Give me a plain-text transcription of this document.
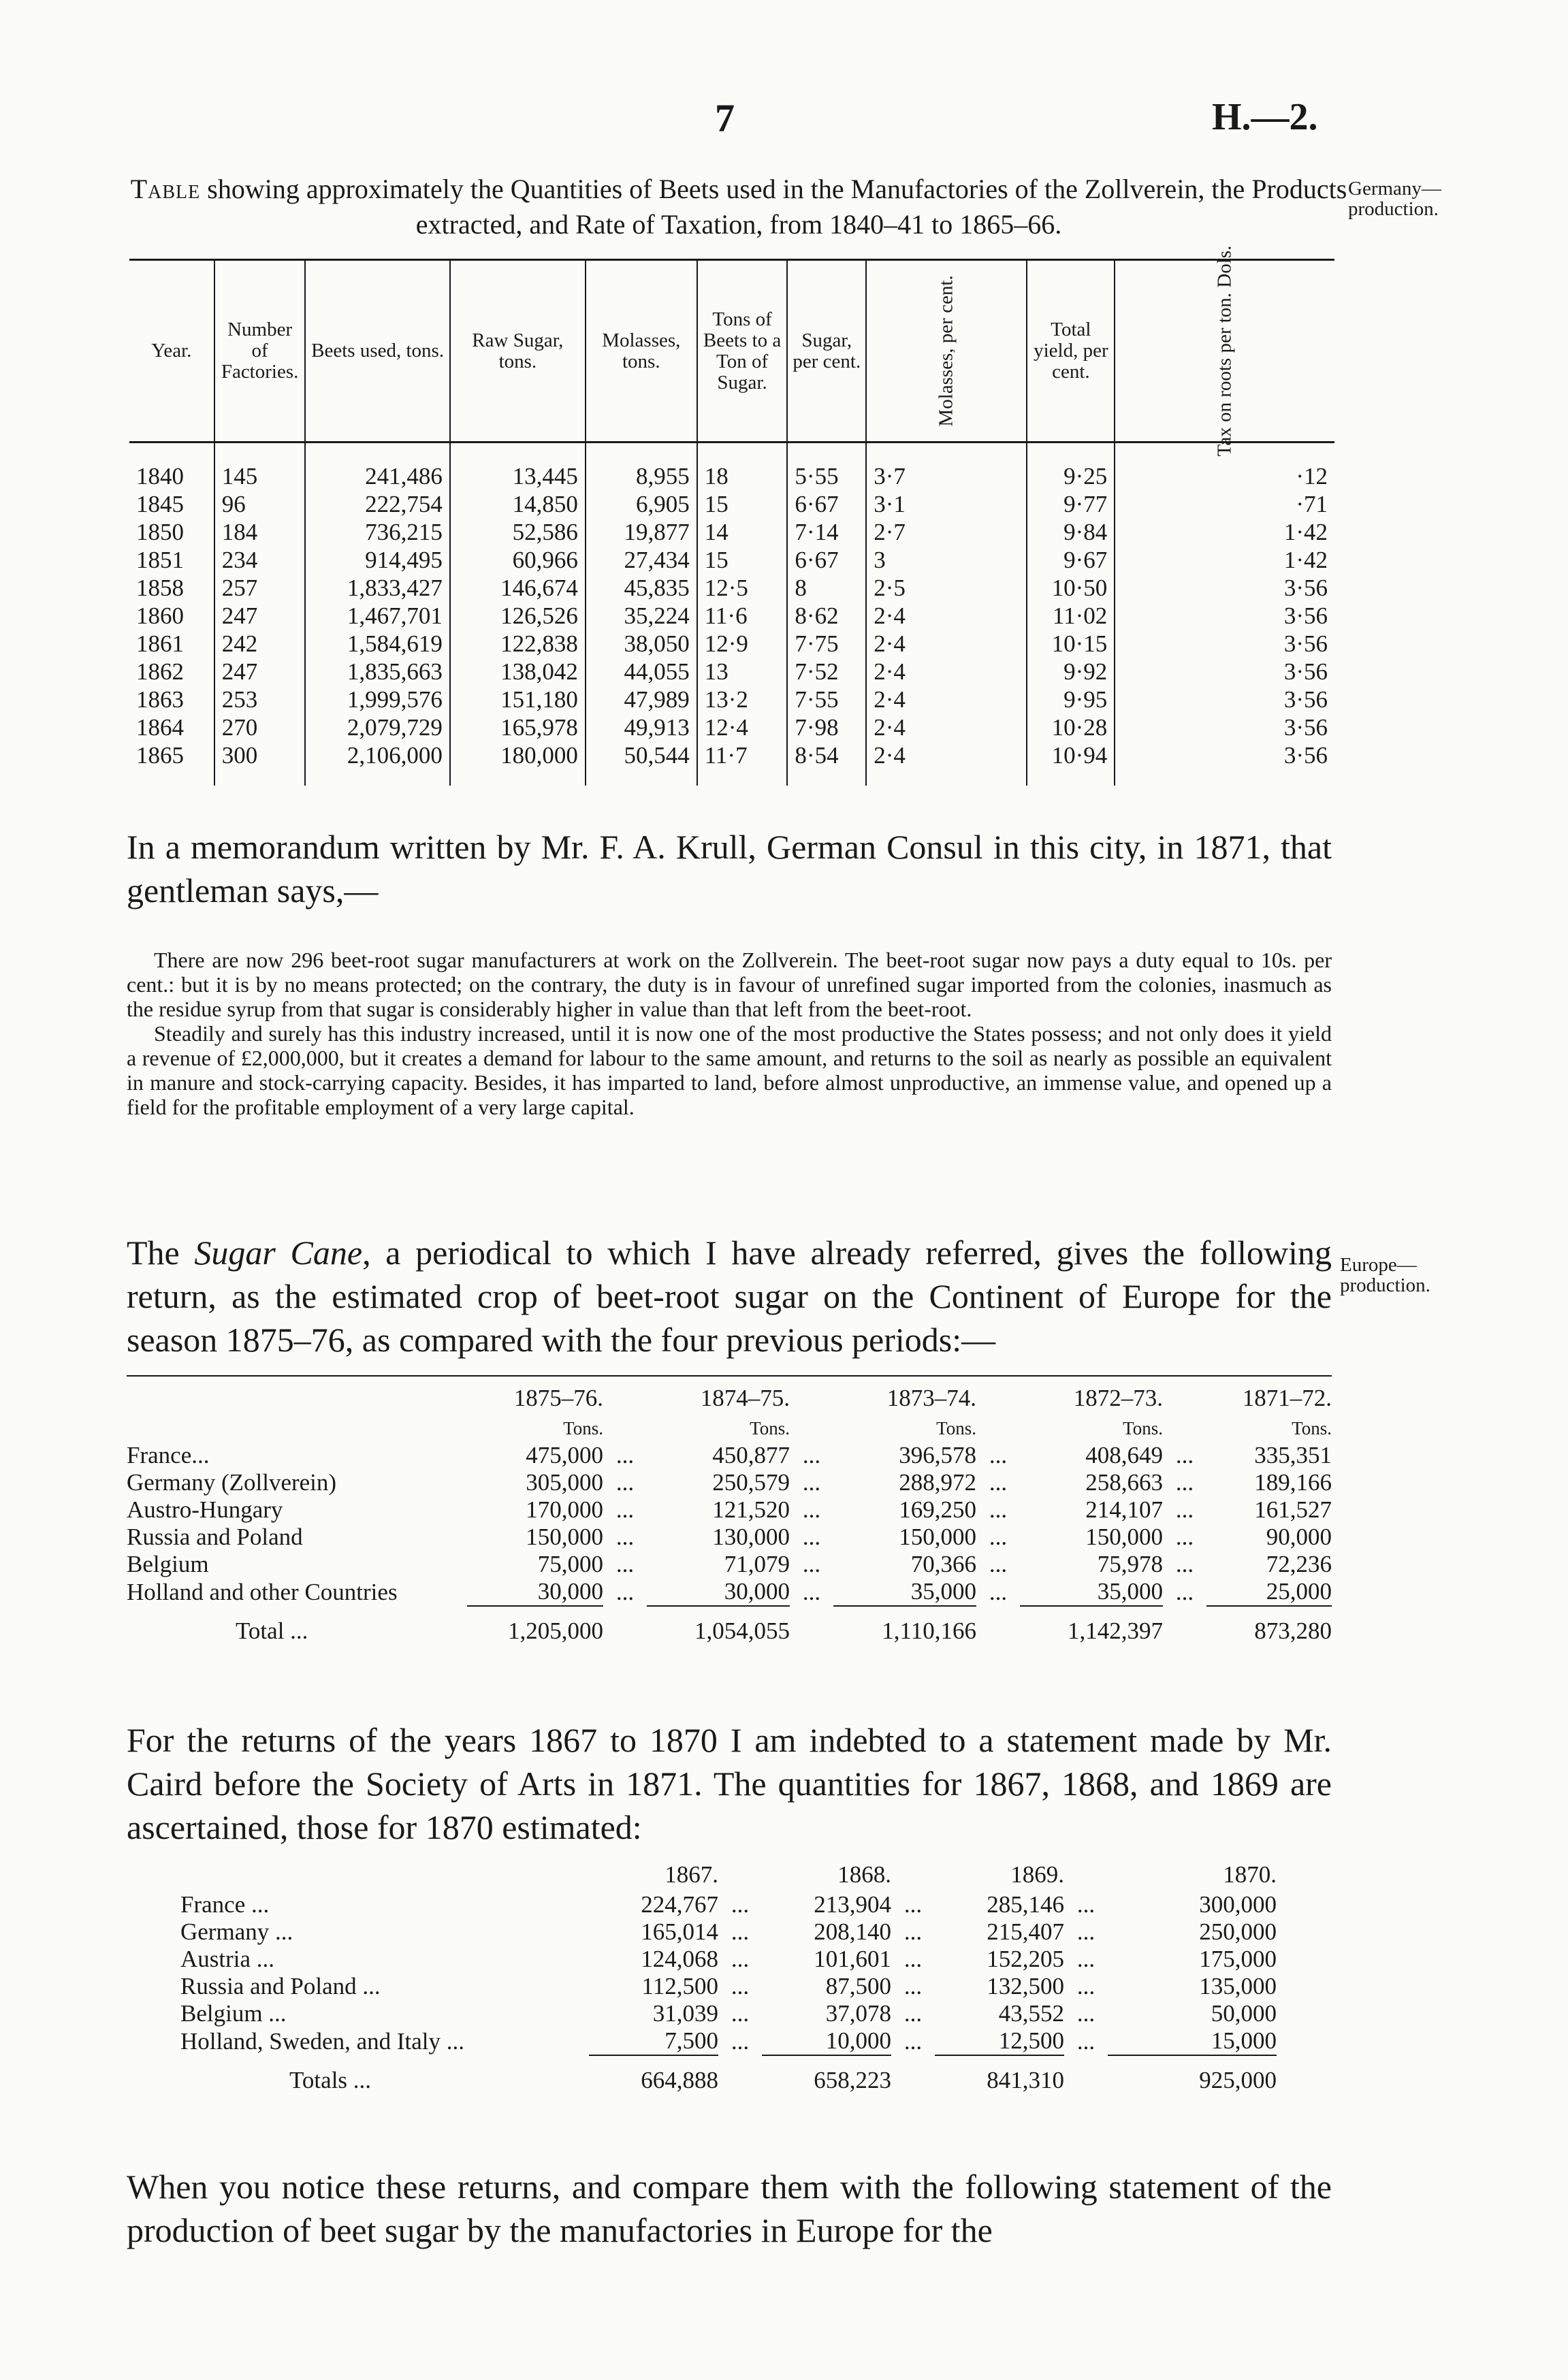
7	H.—2.
Germany—production.
Table showing approximately the Quantities of Beets used in the Manufactories of the Zollverein, the Products extracted, and Rate of Taxation, from 1840–41 to 1865–66.
Year.	Number of Factories.	Beets used, tons.	Raw Sugar, tons.	Molasses, tons.	Tons of Beets to a Ton of Sugar.	Sugar, per cent.	Molasses, per cent.	Total yield, per cent.	Tax on roots per ton. Dols.

1840	145	241,486	13,445	8,955	18	5·55	3·7	9·25	·12
1845	96	222,754	14,850	6,905	15	6·67	3·1	9·77	·71
1850	184	736,215	52,586	19,877	14	7·14	2·7	9·84	1·42
1851	234	914,495	60,966	27,434	15	6·67	3	9·67	1·42
1858	257	1,833,427	146,674	45,835	12·5	8	2·5	10·50	3·56
1860	247	1,467,701	126,526	35,224	11·6	8·62	2·4	11·02	3·56
1861	242	1,584,619	122,838	38,050	12·9	7·75	2·4	10·15	3·56
1862	247	1,835,663	138,042	44,055	13	7·52	2·4	9·92	3·56
1863	253	1,999,576	151,180	47,989	13·2	7·55	2·4	9·95	3·56
1864	270	2,079,729	165,978	49,913	12·4	7·98	2·4	10·28	3·56
1865	300	2,106,000	180,000	50,544	11·7	8·54	2·4	10·94	3·56

In a memorandum written by Mr. F. A. Krull, German Consul in this city, in 1871, that gentleman says,—

There are now 296 beet-root sugar manufacturers at work on the Zollverein. The beet-root sugar now pays a duty equal to 10s. per cent.: but it is by no means protected; on the contrary, the duty is in favour of unrefined sugar imported from the colonies, inasmuch as the residue syrup from that sugar is considerably higher in value than that left from the beet-root.

Steadily and surely has this industry increased, until it is now one of the most productive the States possess; and not only does it yield a revenue of £2,000,000, but it creates a demand for labour to the same amount, and returns to the soil as nearly as possible an equivalent in manure and stock-carrying capacity. Besides, it has imparted to land, before almost unproductive, an immense value, and opened up a field for the profitable employment of a very large capital.

Europe—production.
The Sugar Cane, a periodical to which I have already referred, gives the following return, as the estimated crop of beet-root sugar on the Continent of Europe for the season 1875–76, as compared with the four previous periods:—
	1875–76.		1874–75.		1873–74.		1872–73.		1871–72.
	Tons.		Tons.		Tons.		Tons.		Tons.
France...	475,000	...	450,877	...	396,578	...	408,649	...	335,351
Germany (Zollverein)	305,000	...	250,579	...	288,972	...	258,663	...	189,166
Austro-Hungary	170,000	...	121,520	...	169,250	...	214,107	...	161,527
Russia and Poland	150,000	...	130,000	...	150,000	...	150,000	...	90,000
Belgium	75,000	...	71,079	...	70,366	...	75,978	...	72,236
Holland and other Countries	30,000	...	30,000	...	35,000	...	35,000	...	25,000

Total ...	1,205,000		1,054,055		1,110,166		1,142,397		873,280
For the returns of the years 1867 to 1870 I am indebted to a statement made by Mr. Caird before the Society of Arts in 1871. The quantities for 1867, 1868, and 1869 are ascertained, those for 1870 estimated:
	1867.		1868.		1869.		1870.
France ...	224,767	...	213,904	...	285,146	...	300,000
Germany ...	165,014	...	208,140	...	215,407	...	250,000
Austria ...	124,068	...	101,601	...	152,205	...	175,000
Russia and Poland ...	112,500	...	87,500	...	132,500	...	135,000
Belgium ...	31,039	...	37,078	...	43,552	...	50,000
Holland, Sweden, and Italy ...	7,500	...	10,000	...	12,500	...	15,000

Totals ...	664,888		658,223		841,310		925,000
When you notice these returns, and compare them with the following statement of the production of beet sugar by the manufactories in Europe for the
